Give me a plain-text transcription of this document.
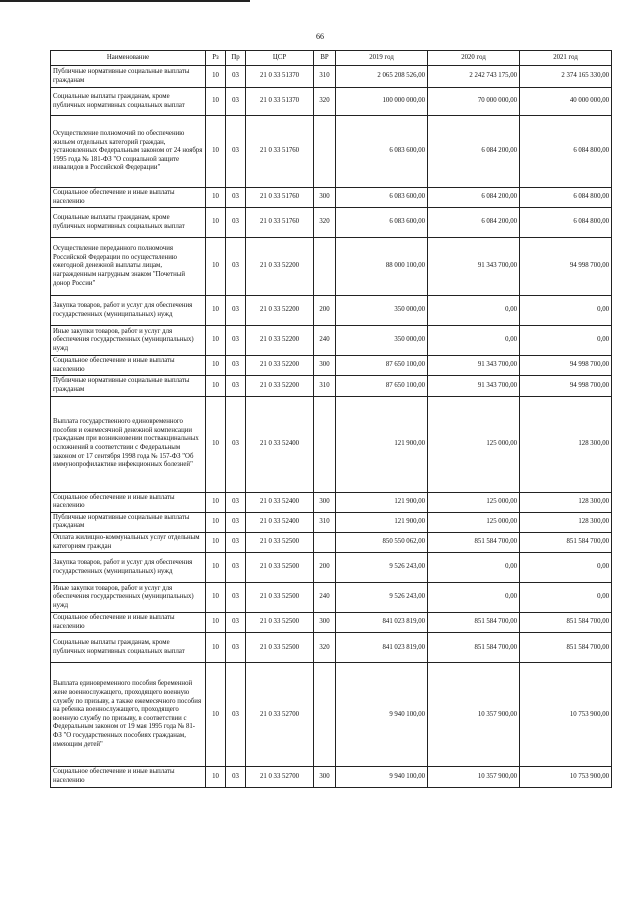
66
Наименование	Рз	Пр	ЦСР	ВР	2019 год	2020 год	2021 год
Публичные нормативные социальные выплаты гражданам	10	03	21 0 33 51370	310	2 065 208 526,00	2 242 743 175,00	2 374 165 330,00
Социальные выплаты гражданам, кроме публичных нормативных социальных выплат	10	03	21 0 33 51370	320	100 000 000,00	70 000 000,00	40 000 000,00
Осуществление полномочий по обеспечению жильем отдельных категорий граждан, установленных Федеральным законом от 24 ноября 1995 года № 181-ФЗ "О социальной защите инвалидов в Российской Федерации"	10	03	21 0 33 51760		6 083 600,00	6 084 200,00	6 084 800,00
Социальное обеспечение и иные выплаты населению	10	03	21 0 33 51760	300	6 083 600,00	6 084 200,00	6 084 800,00
Социальные выплаты гражданам, кроме публичных нормативных социальных выплат	10	03	21 0 33 51760	320	6 083 600,00	6 084 200,00	6 084 800,00
Осуществление переданного полномочия Российской Федерации по осуществлению ежегодной денежной выплаты лицам, награжденным нагрудным знаком "Почетный донор России"	10	03	21 0 33 52200		88 000 100,00	91 343 700,00	94 998 700,00
Закупка товаров, работ и услуг для обеспечения государственных (муниципальных) нужд	10	03	21 0 33 52200	200	350 000,00	0,00	0,00
Иные закупки товаров, работ и услуг для обеспечения государственных (муниципальных) нужд	10	03	21 0 33 52200	240	350 000,00	0,00	0,00
Социальное обеспечение и иные выплаты населению	10	03	21 0 33 52200	300	87 650 100,00	91 343 700,00	94 998 700,00
Публичные нормативные социальные выплаты гражданам	10	03	21 0 33 52200	310	87 650 100,00	91 343 700,00	94 998 700,00
Выплата государственного единовременного пособия и ежемесячной денежной компенсации гражданам при возникновении поствакцинальных осложнений в соответствии с Федеральным законом от 17 сентября 1998 года № 157-ФЗ "Об иммунопрофилактике инфекционных болезней"	10	03	21 0 33 52400		121 900,00	125 000,00	128 300,00
Социальное обеспечение и иные выплаты населению	10	03	21 0 33 52400	300	121 900,00	125 000,00	128 300,00
Публичные нормативные социальные выплаты гражданам	10	03	21 0 33 52400	310	121 900,00	125 000,00	128 300,00
Оплата жилищно-коммунальных услуг отдельным категориям граждан	10	03	21 0 33 52500		850 550 062,00	851 584 700,00	851 584 700,00
Закупка товаров, работ и услуг для обеспечения государственных (муниципальных) нужд	10	03	21 0 33 52500	200	9 526 243,00	0,00	0,00
Иные закупки товаров, работ и услуг для обеспечения государственных (муниципальных) нужд	10	03	21 0 33 52500	240	9 526 243,00	0,00	0,00
Социальное обеспечение и иные выплаты населению	10	03	21 0 33 52500	300	841 023 819,00	851 584 700,00	851 584 700,00
Социальные выплаты гражданам, кроме публичных нормативных социальных выплат	10	03	21 0 33 52500	320	841 023 819,00	851 584 700,00	851 584 700,00
Выплата единовременного пособия беременной жене военнослужащего, проходящего военную службу по призыву, а также ежемесячного пособия на ребенка военнослужащего, проходящего военную службу по призыву, в соответствии с Федеральным законом от 19 мая 1995 года № 81-ФЗ "О государственных пособиях гражданам, имеющим детей"	10	03	21 0 33 52700		9 940 100,00	10 357 900,00	10 753 900,00
Социальное обеспечение и иные выплаты населению	10	03	21 0 33 52700	300	9 940 100,00	10 357 900,00	10 753 900,00
